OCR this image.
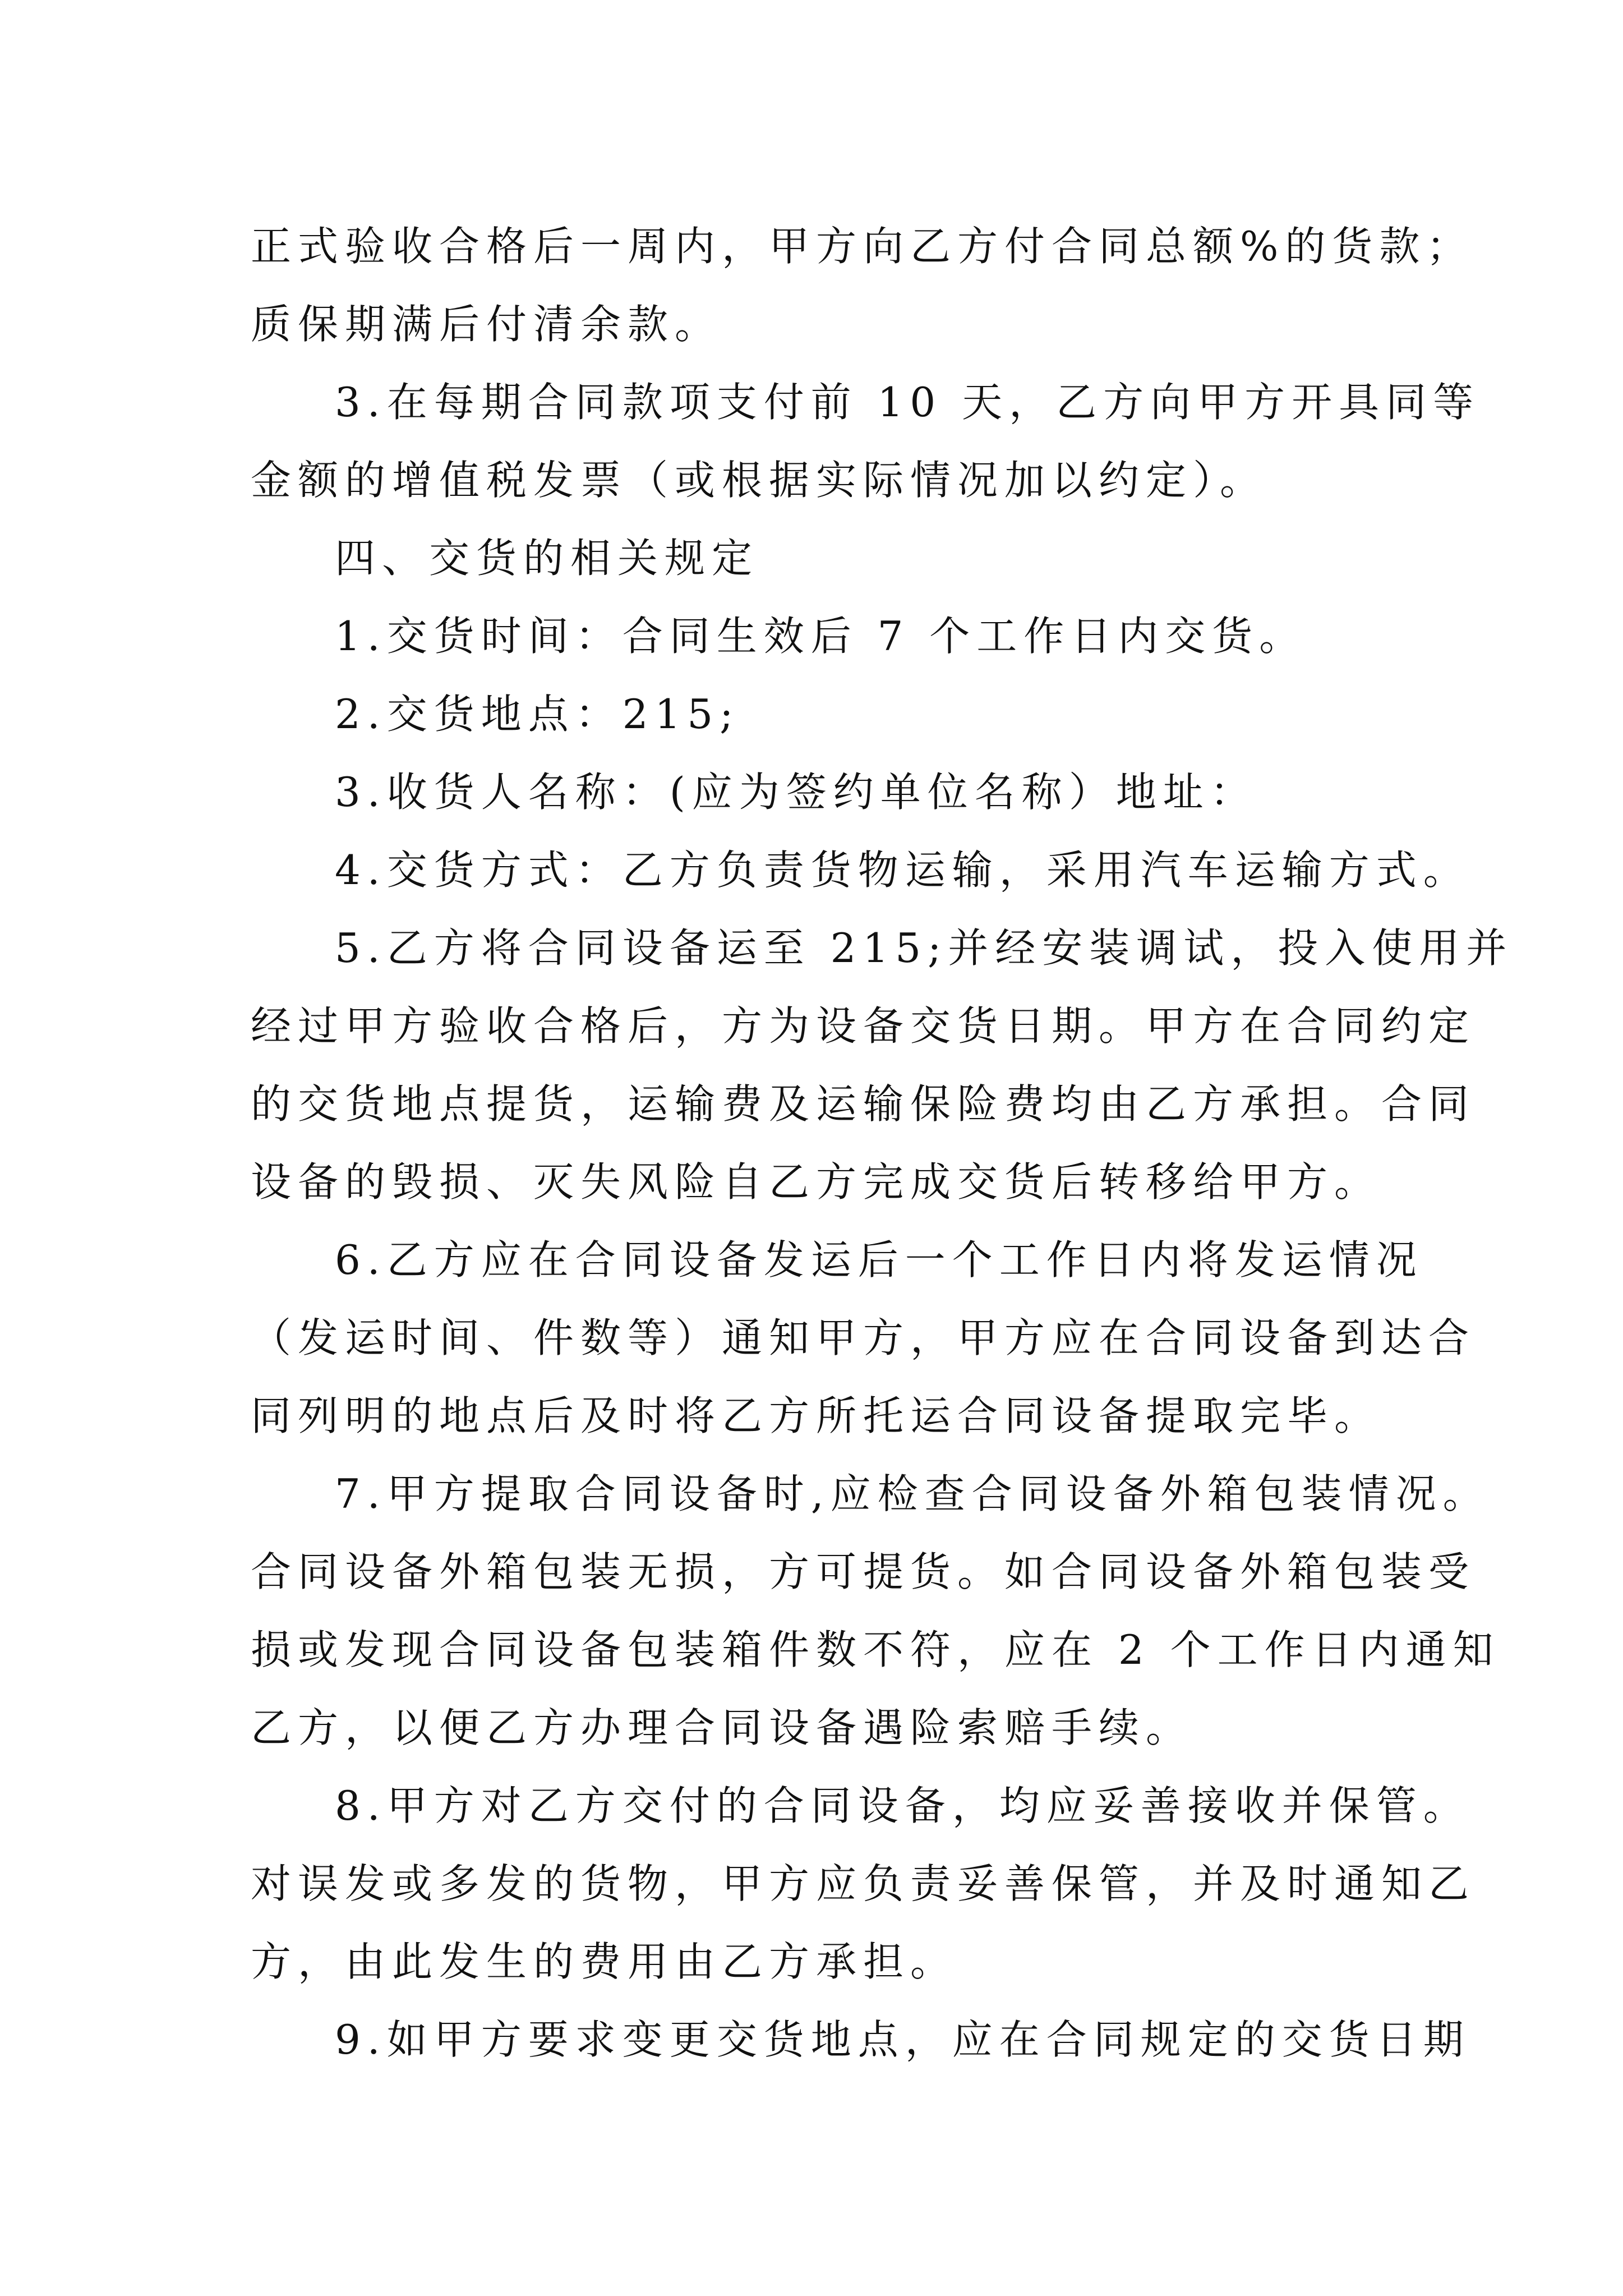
正式验收合格后一周内，甲方向乙方付合同总额%的货款；
质保期满后付清余款。
3.在每期合同款项支付前 10 天，乙方向甲方开具同等
金额的增值税发票（或根据实际情况加以约定）。
四、交货的相关规定
1.交货时间：合同生效后 7 个工作日内交货。
2.交货地点：215;
3.收货人名称：(应为签约单位名称）地址：
4.交货方式：乙方负责货物运输，采用汽车运输方式。
5.乙方将合同设备运至 215;并经安装调试，投入使用并
经过甲方验收合格后，方为设备交货日期。甲方在合同约定
的交货地点提货，运输费及运输保险费均由乙方承担。合同
设备的毁损、灭失风险自乙方完成交货后转移给甲方。
6.乙方应在合同设备发运后一个工作日内将发运情况
（发运时间、件数等）通知甲方，甲方应在合同设备到达合
同列明的地点后及时将乙方所托运合同设备提取完毕。
7.甲方提取合同设备时,应检查合同设备外箱包装情况。
合同设备外箱包装无损，方可提货。如合同设备外箱包装受
损或发现合同设备包装箱件数不符，应在 2 个工作日内通知
乙方，以便乙方办理合同设备遇险索赔手续。
8.甲方对乙方交付的合同设备，均应妥善接收并保管。
对误发或多发的货物，甲方应负责妥善保管，并及时通知乙
方，由此发生的费用由乙方承担。
9.如甲方要求变更交货地点，应在合同规定的交货日期
